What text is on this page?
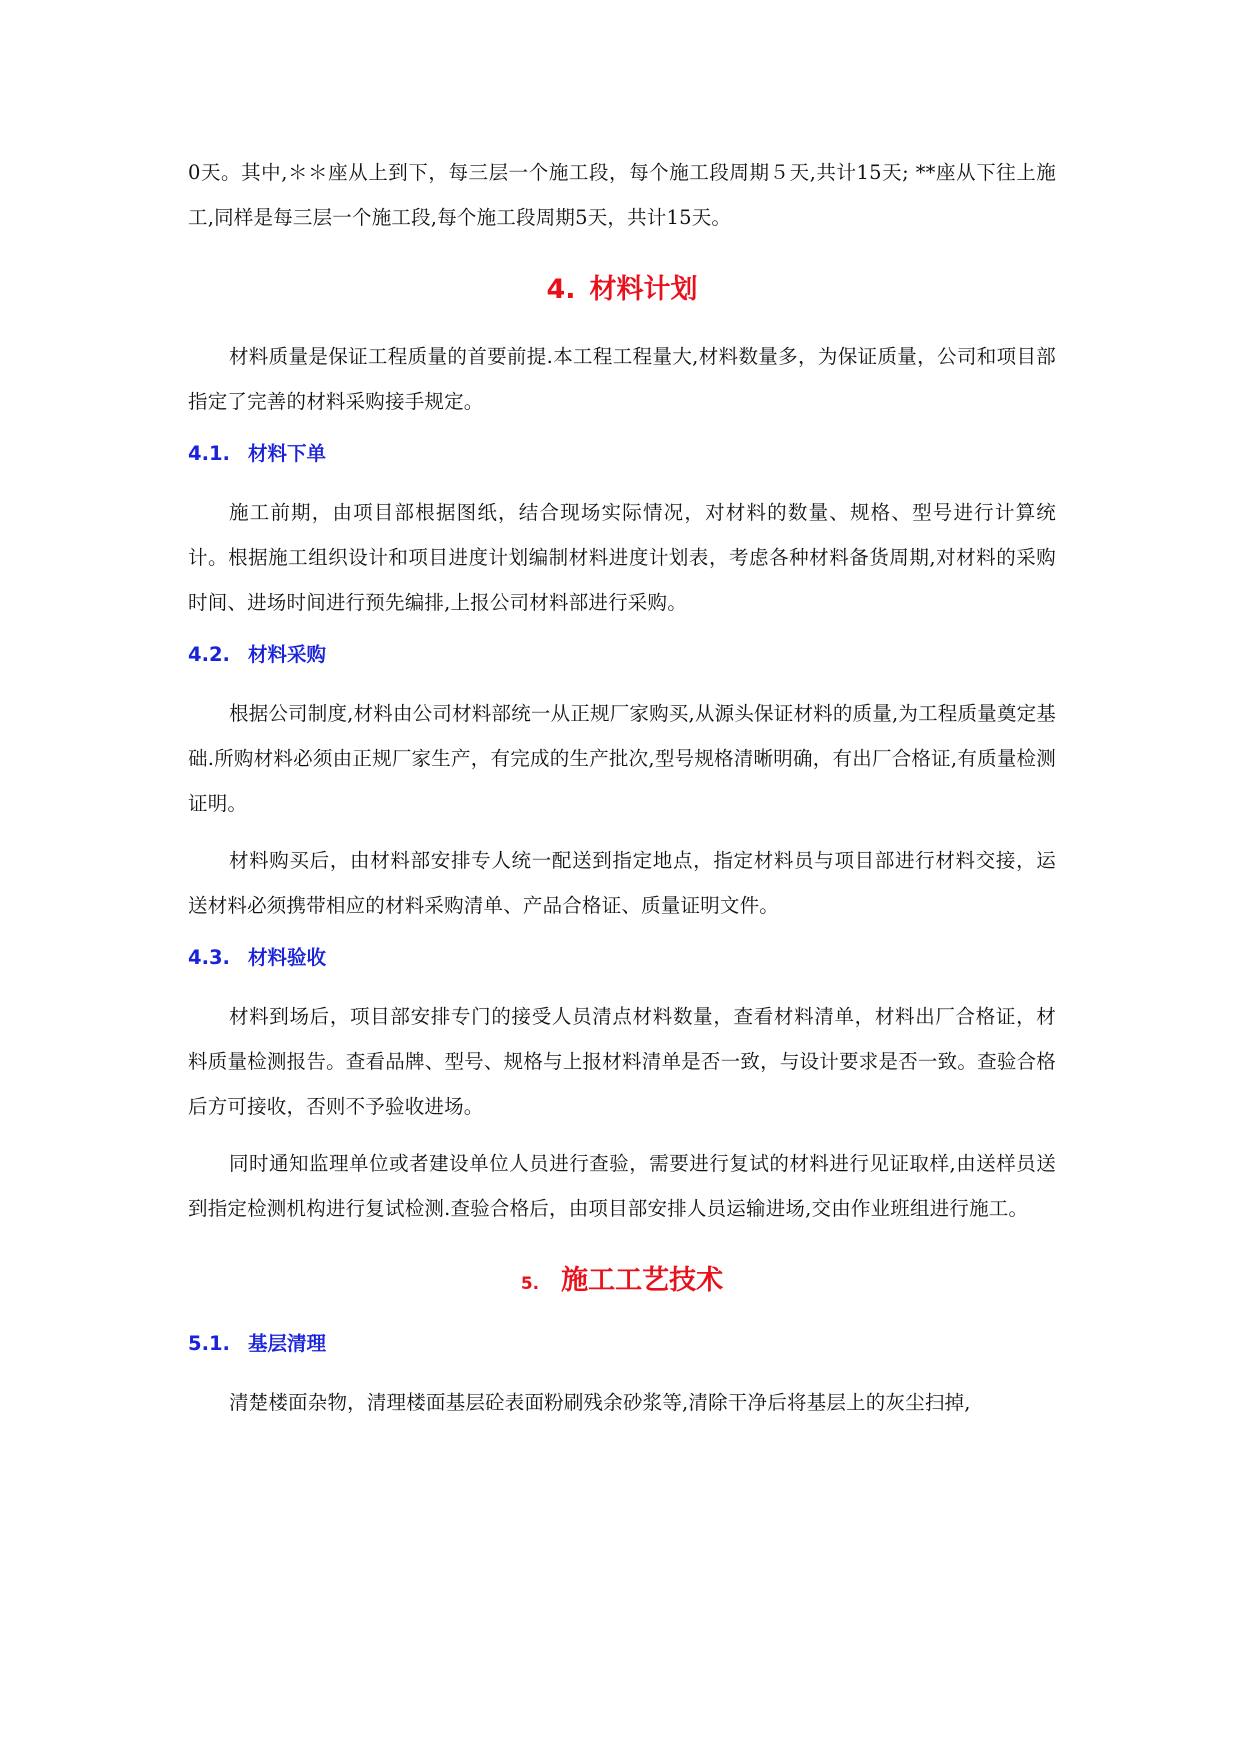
0天。其中,＊＊座从上到下，每三层一个施工段，每个施工段周期５天,共计15天; **座从下往上施工,同样是每三层一个施工段,每个施工段周期5天，共计15天。

4. 材料计划

材料质量是保证工程质量的首要前提.本工程工程量大,材料数量多，为保证质量，公司和项目部指定了完善的材料采购接手规定。

4.1. 材料下单

施工前期，由项目部根据图纸，结合现场实际情况，对材料的数量、规格、型号进行计算统计。根据施工组织设计和项目进度计划编制材料进度计划表，考虑各种材料备货周期,对材料的采购时间、进场时间进行预先编排,上报公司材料部进行采购。

4.2. 材料采购

根据公司制度,材料由公司材料部统一从正规厂家购买,从源头保证材料的质量,为工程质量奠定基础.所购材料必须由正规厂家生产，有完成的生产批次,型号规格清晰明确，有出厂合格证,有质量检测证明。

材料购买后，由材料部安排专人统一配送到指定地点，指定材料员与项目部进行材料交接，运送材料必须携带相应的材料采购清单、产品合格证、质量证明文件。

4.3. 材料验收

材料到场后，项目部安排专门的接受人员清点材料数量，查看材料清单，材料出厂合格证，材料质量检测报告。查看品牌、型号、规格与上报材料清单是否一致，与设计要求是否一致。查验合格后方可接收，否则不予验收进场。

同时通知监理单位或者建设单位人员进行查验，需要进行复试的材料进行见证取样,由送样员送到指定检测机构进行复试检测.查验合格后，由项目部安排人员运输进场,交由作业班组进行施工。

5. 施工工艺技术
5.1. 基层清理

清楚楼面杂物，清理楼面基层砼表面粉刷残余砂浆等,清除干净后将基层上的灰尘扫掉,
